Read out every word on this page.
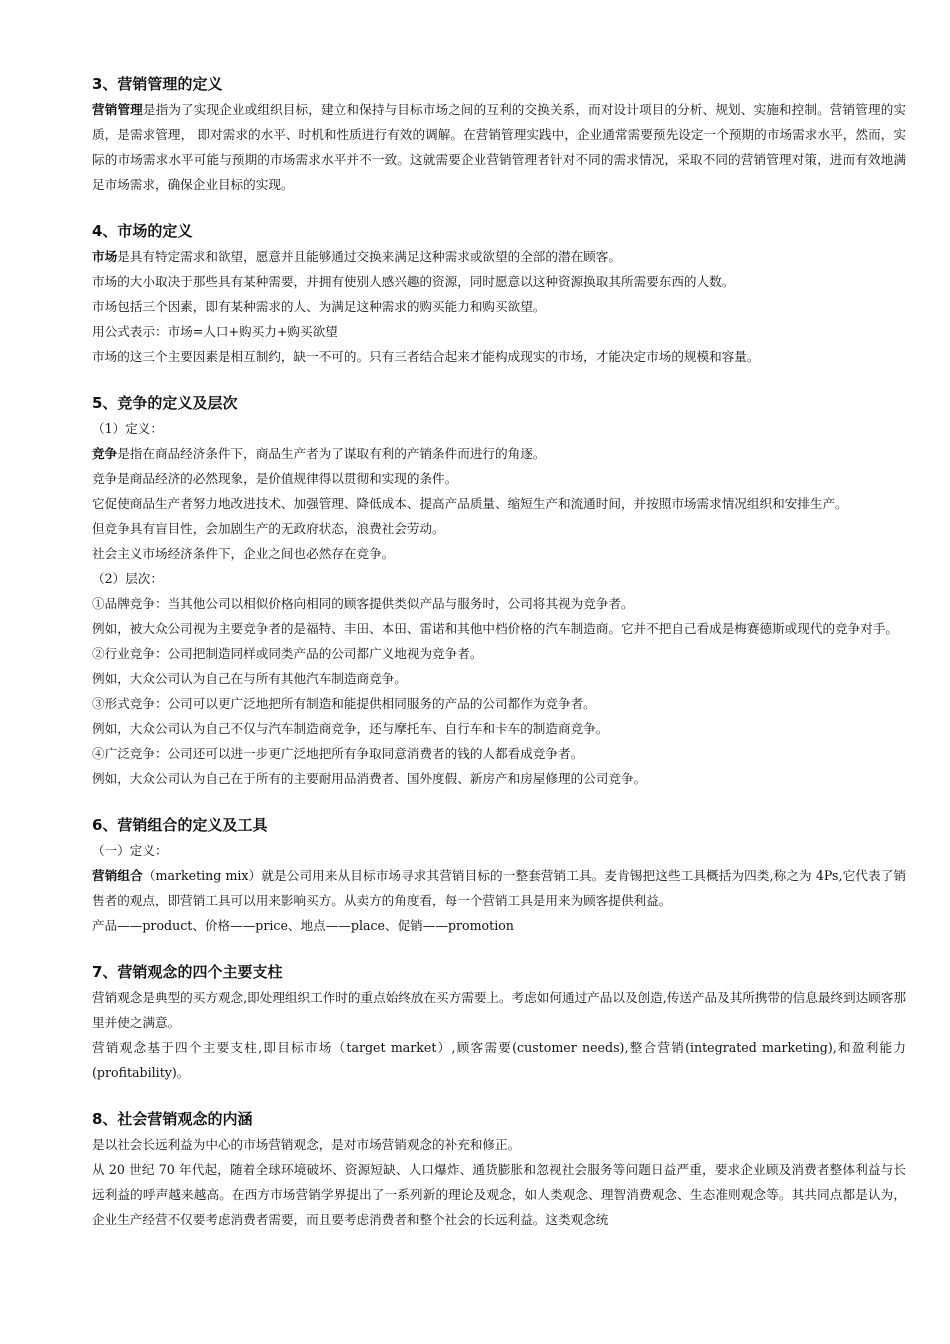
3、营销管理的定义

营销管理是指为了实现企业或组织目标，建立和保持与目标市场之间的互利的交换关系，而对设计项目的分析、规划、实施和控制。营销管理的实质，是需求管理， 即对需求的水平、时机和性质进行有效的调解。在营销管理实践中，企业通常需要预先设定一个预期的市场需求水平，然而，实际的市场需求水平可能与预期的市场需求水平并不一致。这就需要企业营销管理者针对不同的需求情况，采取不同的营销管理对策，进而有效地满足市场需求，确保企业目标的实现。

4、市场的定义

市场是具有特定需求和欲望，愿意并且能够通过交换来满足这种需求或欲望的全部的潜在顾客。

市场的大小取决于那些具有某种需要，并拥有使别人感兴趣的资源，同时愿意以这种资源换取其所需要东西的人数。

市场包括三个因素，即有某种需求的人、为满足这种需求的购买能力和购买欲望。

用公式表示：市场=人口+购买力+购买欲望

市场的这三个主要因素是相互制约，缺一不可的。只有三者结合起来才能构成现实的市场，才能决定市场的规模和容量。

5、竞争的定义及层次

（1）定义：

竞争是指在商品经济条件下，商品生产者为了谋取有利的产销条件而进行的角逐。

竞争是商品经济的必然现象，是价值规律得以贯彻和实现的条件。

它促使商品生产者努力地改进技术、加强管理、降低成本、提高产品质量、缩短生产和流通时间，并按照市场需求情况组织和安排生产。

但竞争具有盲目性，会加剧生产的无政府状态，浪费社会劳动。

社会主义市场经济条件下，企业之间也必然存在竞争。

（2）层次：

①品牌竞争：当其他公司以相似价格向相同的顾客提供类似产品与服务时，公司将其视为竞争者。

例如，被大众公司视为主要竞争者的是福特、丰田、本田、雷诺和其他中档价格的汽车制造商。它并不把自己看成是梅赛德斯或现代的竞争对手。

②行业竞争：公司把制造同样或同类产品的公司都广义地视为竞争者。

例如，大众公司认为自己在与所有其他汽车制造商竞争。

③形式竞争：公司可以更广泛地把所有制造和能提供相同服务的产品的公司都作为竞争者。

例如，大众公司认为自己不仅与汽车制造商竞争，还与摩托车、自行车和卡车的制造商竞争。

④广泛竞争：公司还可以进一步更广泛地把所有争取同意消费者的钱的人都看成竞争者。

例如，大众公司认为自己在于所有的主要耐用品消费者、国外度假、新房产和房屋修理的公司竞争。

6、营销组合的定义及工具

（一）定义：

营销组合（marketing mix）就是公司用来从目标市场寻求其营销目标的一整套营销工具。麦肯锡把这些工具概括为四类,称之为 4Ps,它代表了销售者的观点，即营销工具可以用来影响买方。从卖方的角度看，每一个营销工具是用来为顾客提供利益。

产品——product、价格——price、地点——place、促销——promotion

7、营销观念的四个主要支柱

营销观念是典型的买方观念,即处理组织工作时的重点始终放在买方需要上。考虑如何通过产品以及创造,传送产品及其所携带的信息最终到达顾客那里并使之满意。

营销观念基于四个主要支柱,即目标市场（target market）,顾客需要(customer needs),整合营销(integrated marketing),和盈利能力(profitability)。

8、社会营销观念的内涵

是以社会长远利益为中心的市场营销观念，是对市场营销观念的补充和修正。

从 20 世纪 70 年代起，随着全球环境破坏、资源短缺、人口爆炸、通货膨胀和忽视社会服务等问题日益严重，要求企业顾及消费者整体利益与长远利益的呼声越来越高。在西方市场营销学界提出了一系列新的理论及观念，如人类观念、理智消费观念、生态准则观念等。其共同点都是认为，企业生产经营不仅要考虑消费者需要，而且要考虑消费者和整个社会的长远利益。这类观念统
